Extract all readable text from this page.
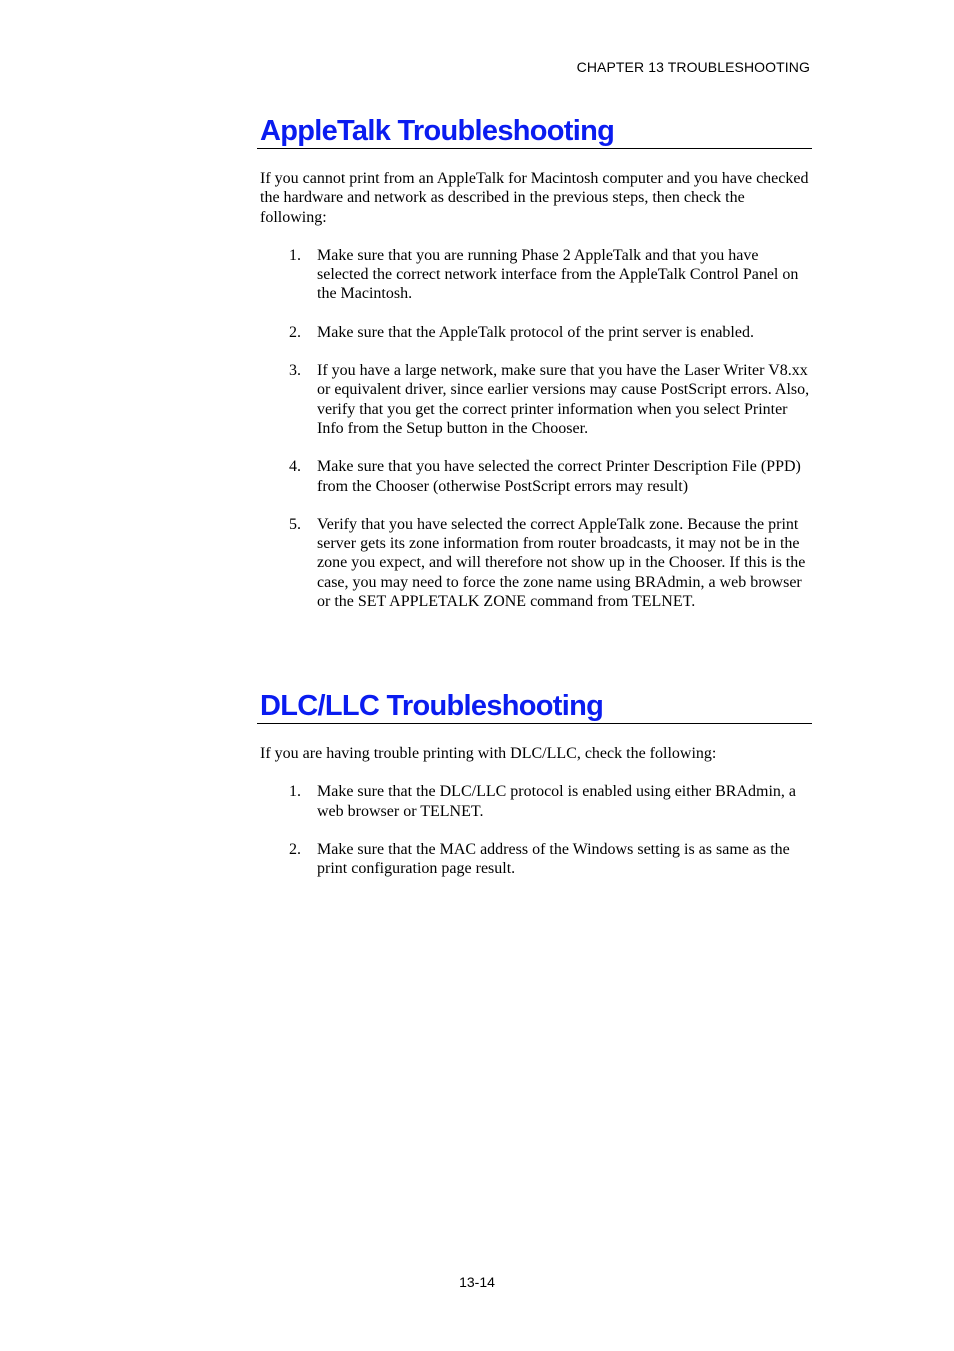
CHAPTER 13 TROUBLESHOOTING
AppleTalk Troubleshooting

If you cannot print from an AppleTalk for Macintosh computer and you have checked the hardware and network as described in the previous steps, then check the following:

1. Make sure that you are running Phase 2 AppleTalk and that you have selected the correct network interface from the AppleTalk Control Panel on the Macintosh.
2. Make sure that the AppleTalk protocol of the print server is enabled.
3. If you have a large network, make sure that you have the Laser Writer V8.xx or equivalent driver, since earlier versions may cause PostScript errors. Also, verify that you get the correct printer information when you select Printer Info from the Setup button in the Chooser.
4. Make sure that you have selected the correct Printer Description File (PPD) from the Chooser (otherwise PostScript errors may result)
5. Verify that you have selected the correct AppleTalk zone. Because the print server gets its zone information from router broadcasts, it may not be in the zone you expect, and will therefore not show up in the Chooser. If this is the case, you may need to force the zone name using BRAdmin, a web browser or the SET APPLETALK ZONE command from TELNET.
DLC/LLC Troubleshooting

If you are having trouble printing with DLC/LLC, check the following:

1. Make sure that the DLC/LLC protocol is enabled using either BRAdmin, a web browser or TELNET.
2. Make sure that the MAC address of the Windows setting is as same as the print configuration page result.
13-14
